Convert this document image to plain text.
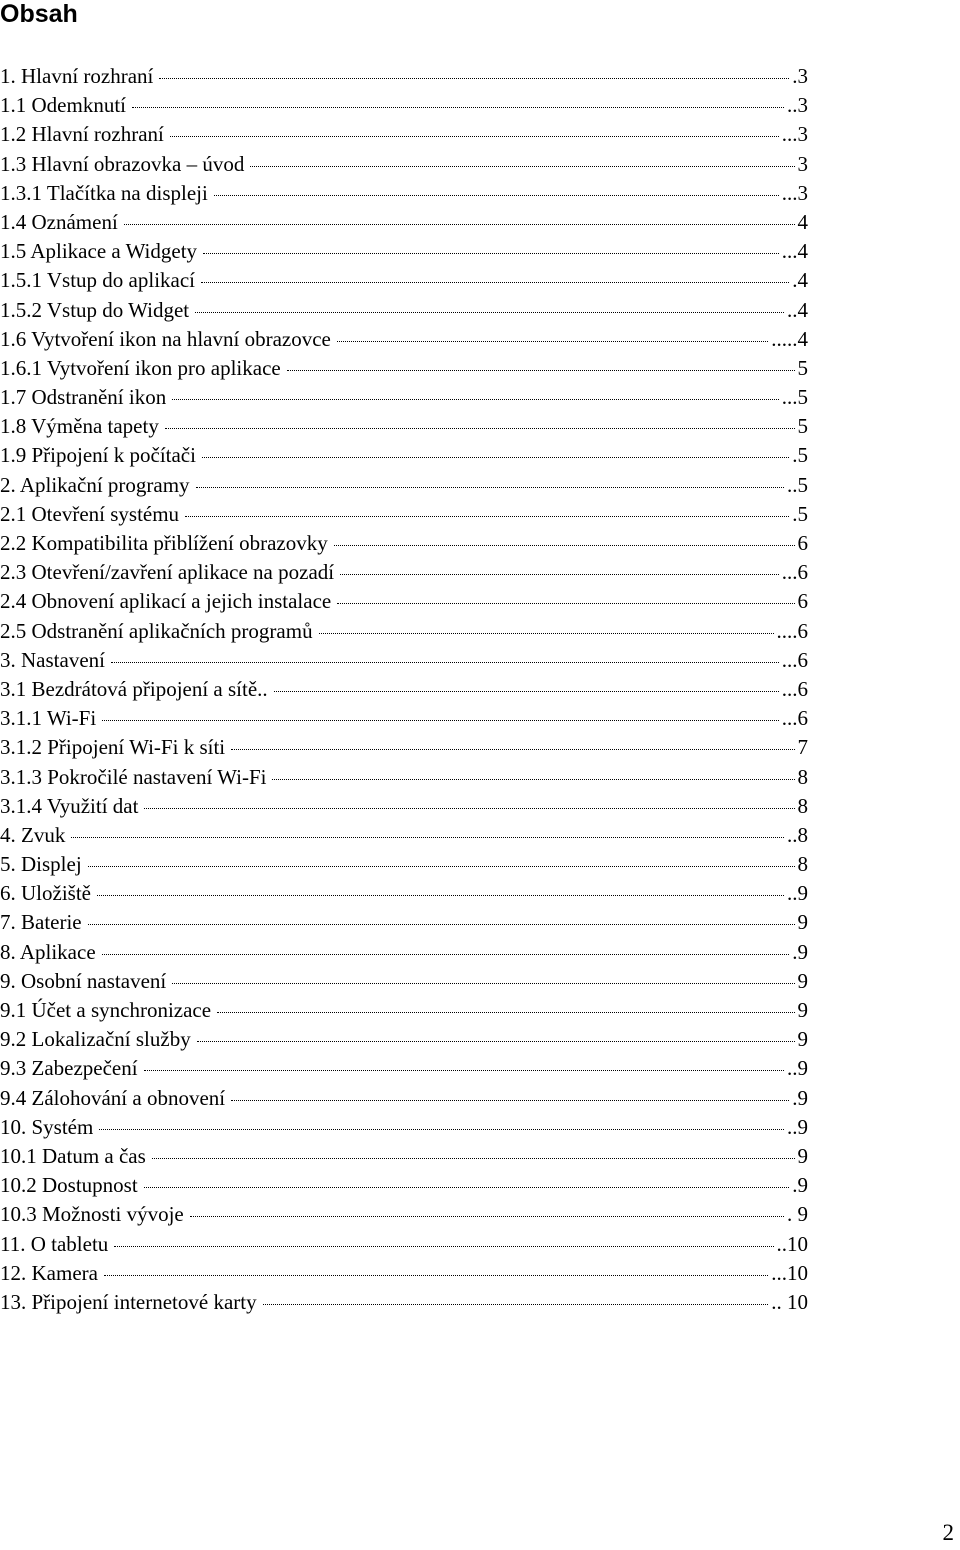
Obsah
1. Hlavní rozhraní	.3
1.1 Odemknutí	..3
1.2 Hlavní rozhraní	...3
1.3 Hlavní obrazovka – úvod	3
1.3.1 Tlačítka na displeji	...3
1.4 Oznámení	4
1.5 Aplikace a Widgety	...4
1.5.1 Vstup do aplikací	.4
1.5.2 Vstup do Widget	..4
1.6 Vytvoření ikon na hlavní obrazovce	.....4
1.6.1 Vytvoření ikon pro aplikace	5
1.7 Odstranění ikon	...5
1.8 Výměna tapety	5
1.9 Připojení k počítači	.5
2. Aplikační programy	..5
2.1 Otevření systému	.5
2.2 Kompatibilita přiblížení obrazovky	6
2.3 Otevření/zavření aplikace na pozadí	...6
2.4 Obnovení aplikací a jejich instalace	6
2.5 Odstranění aplikačních programů	....6
3. Nastavení	...6
3.1 Bezdrátová připojení a sítě..	...6
3.1.1 Wi-Fi	...6
3.1.2 Připojení Wi-Fi k síti	7
3.1.3 Pokročilé nastavení Wi-Fi	8
3.1.4 Využití dat	8
4. Zvuk	..8
5. Displej	8
6. Uložiště	..9
7. Baterie	9
8. Aplikace	.9
9. Osobní nastavení	9
9.1 Účet a synchronizace	9
9.2 Lokalizační služby	9
9.3 Zabezpečení	..9
9.4 Zálohování a obnovení	.9
10. Systém	..9
10.1 Datum a čas	9
10.2 Dostupnost	.9
10.3 Možnosti vývoje	. 9
11. O tabletu	..10
12. Kamera	...10
13. Připojení internetové karty	.. 10

2
